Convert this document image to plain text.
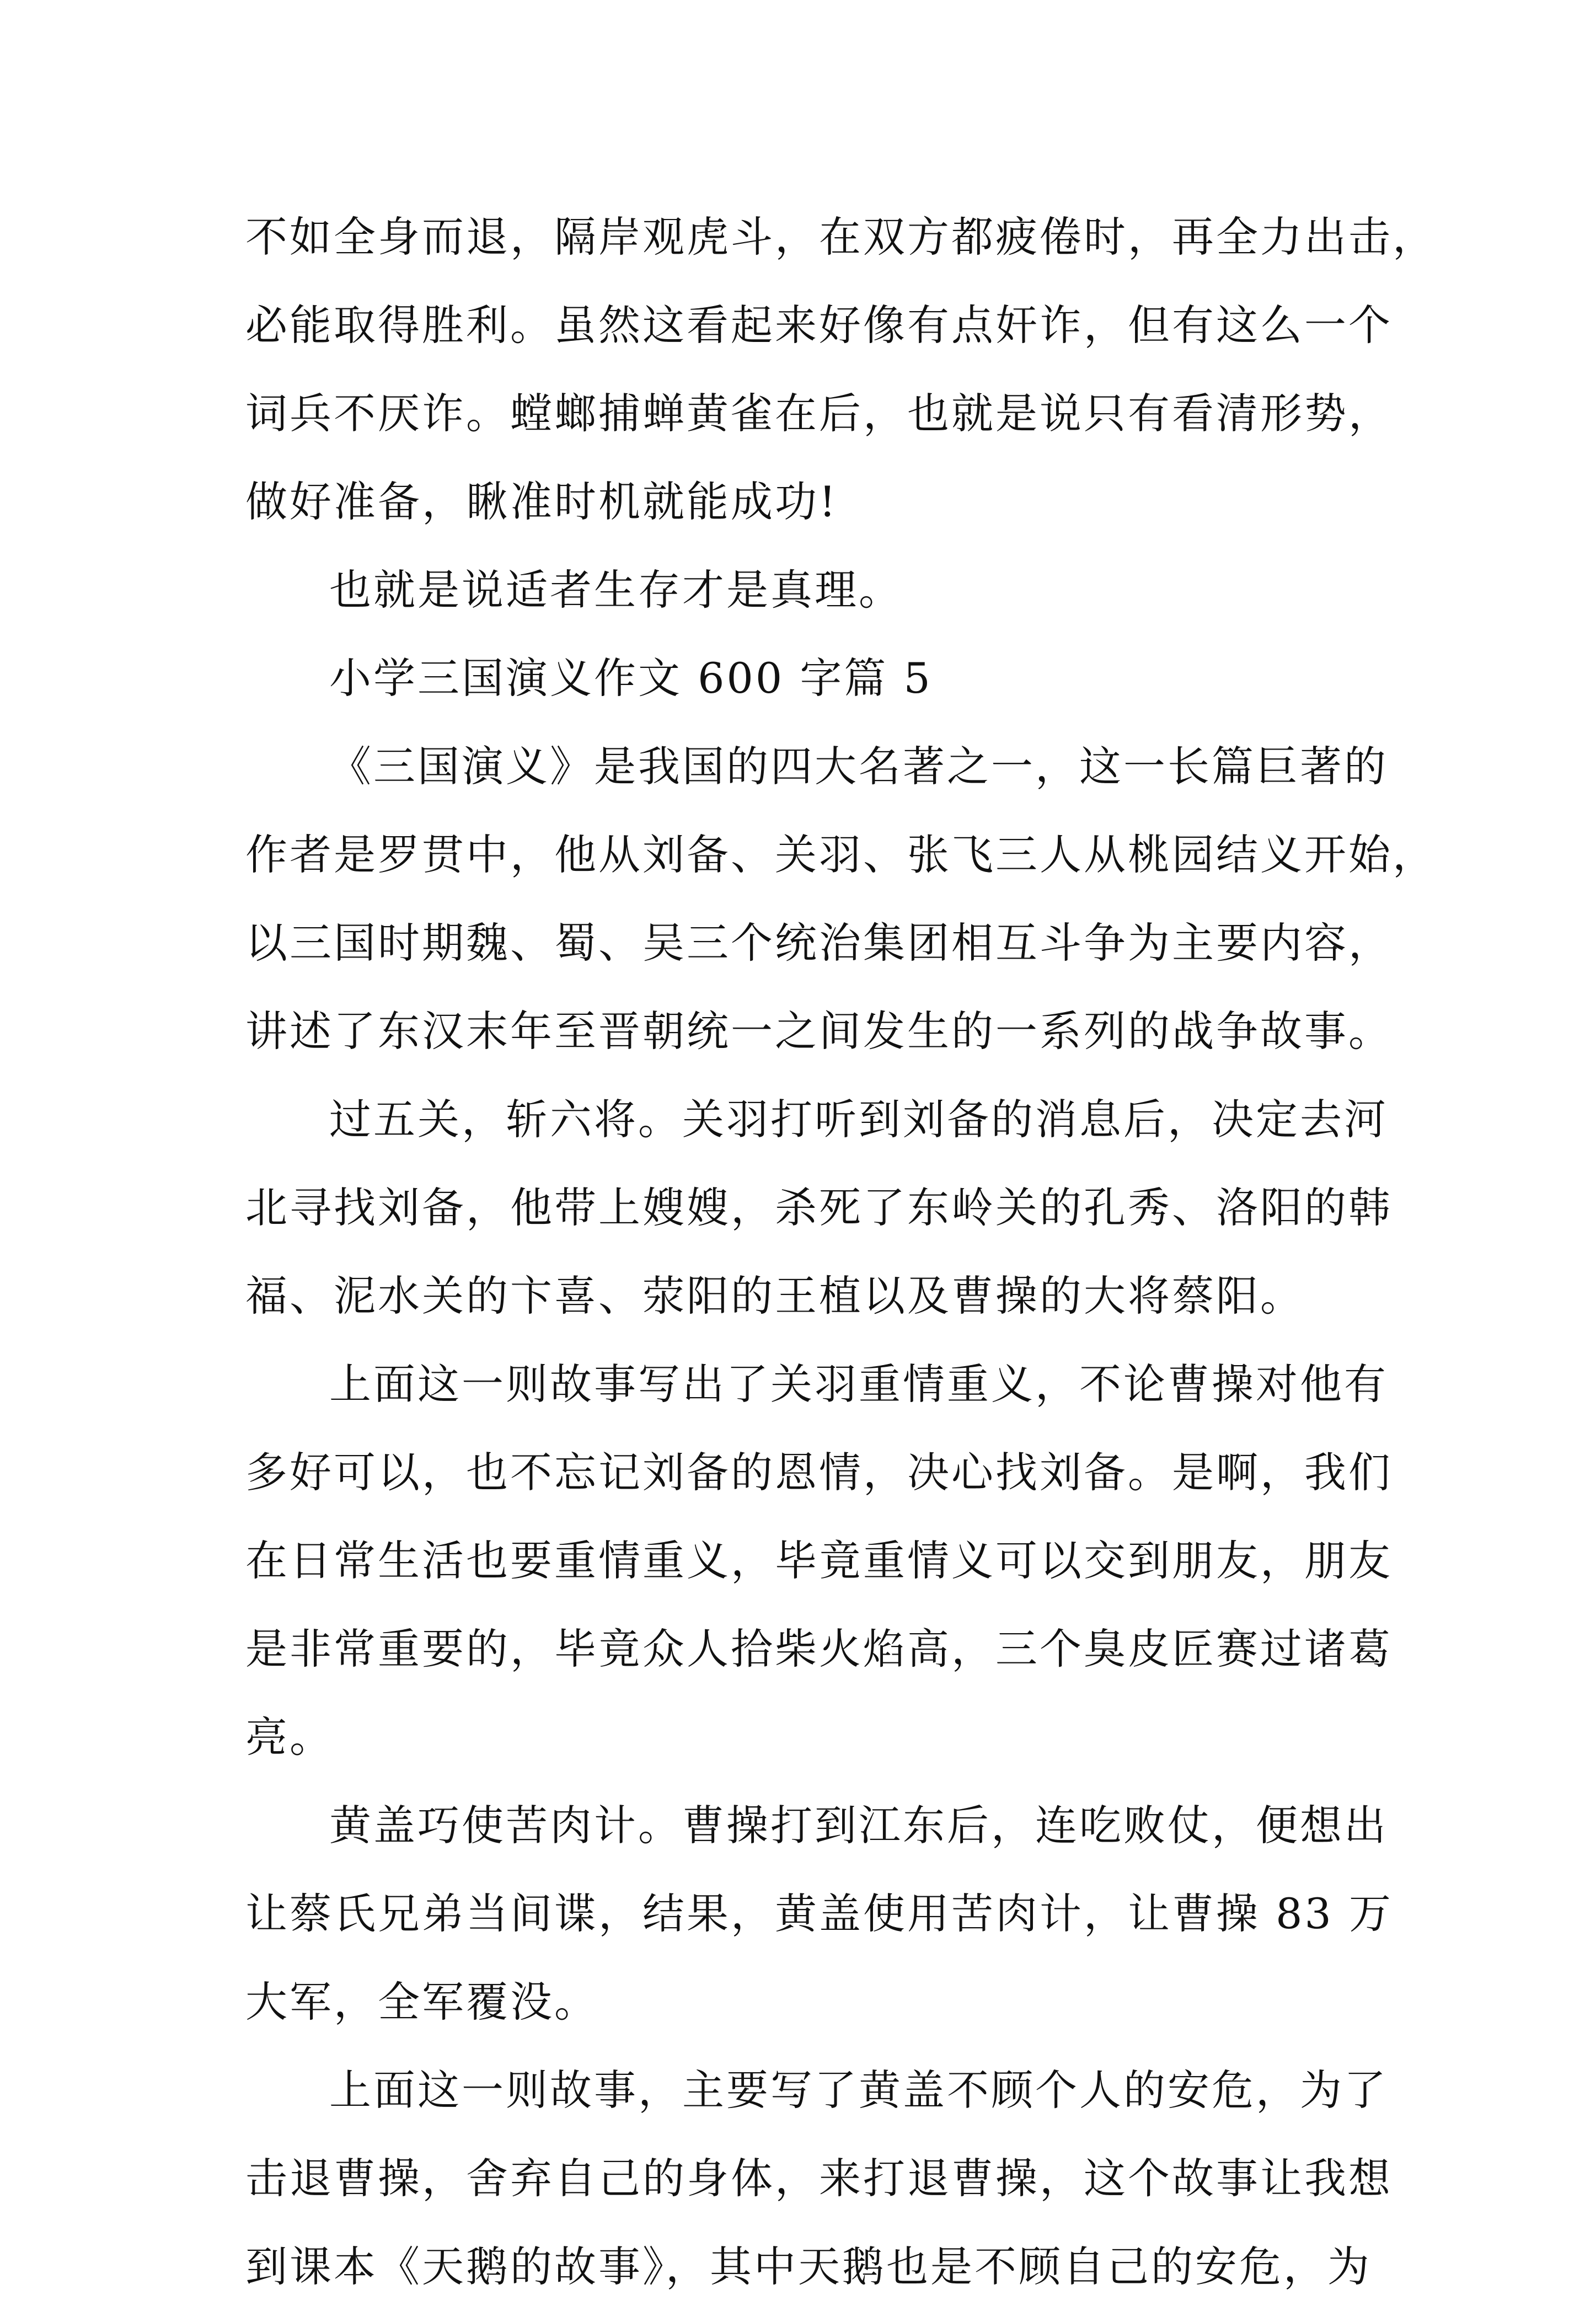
不如全身而退，隔岸观虎斗，在双方都疲倦时，再全力出击，
必能取得胜利。虽然这看起来好像有点奸诈，但有这么一个
词兵不厌诈。螳螂捕蝉黄雀在后，也就是说只有看清形势，
做好准备，瞅准时机就能成功!
也就是说适者生存才是真理。
小学三国演义作文 600 字篇 5
《三国演义》是我国的四大名著之一，这一长篇巨著的
作者是罗贯中，他从刘备、关羽、张飞三人从桃园结义开始，
以三国时期魏、蜀、吴三个统治集团相互斗争为主要内容，
讲述了东汉末年至晋朝统一之间发生的一系列的战争故事。
过五关，斩六将。关羽打听到刘备的消息后，决定去河
北寻找刘备，他带上嫂嫂，杀死了东岭关的孔秀、洛阳的韩
福、泥水关的卞喜、荥阳的王植以及曹操的大将蔡阳。
上面这一则故事写出了关羽重情重义，不论曹操对他有
多好可以，也不忘记刘备的恩情，决心找刘备。是啊，我们
在日常生活也要重情重义，毕竟重情义可以交到朋友，朋友
是非常重要的，毕竟众人拾柴火焰高，三个臭皮匠赛过诸葛
亮。
黄盖巧使苦肉计。曹操打到江东后，连吃败仗，便想出
让蔡氏兄弟当间谍，结果，黄盖使用苦肉计，让曹操 83 万
大军，全军覆没。
上面这一则故事，主要写了黄盖不顾个人的安危，为了
击退曹操，舍弃自己的身体，来打退曹操，这个故事让我想
到课本《天鹅的故事》，其中天鹅也是不顾自己的安危，为
